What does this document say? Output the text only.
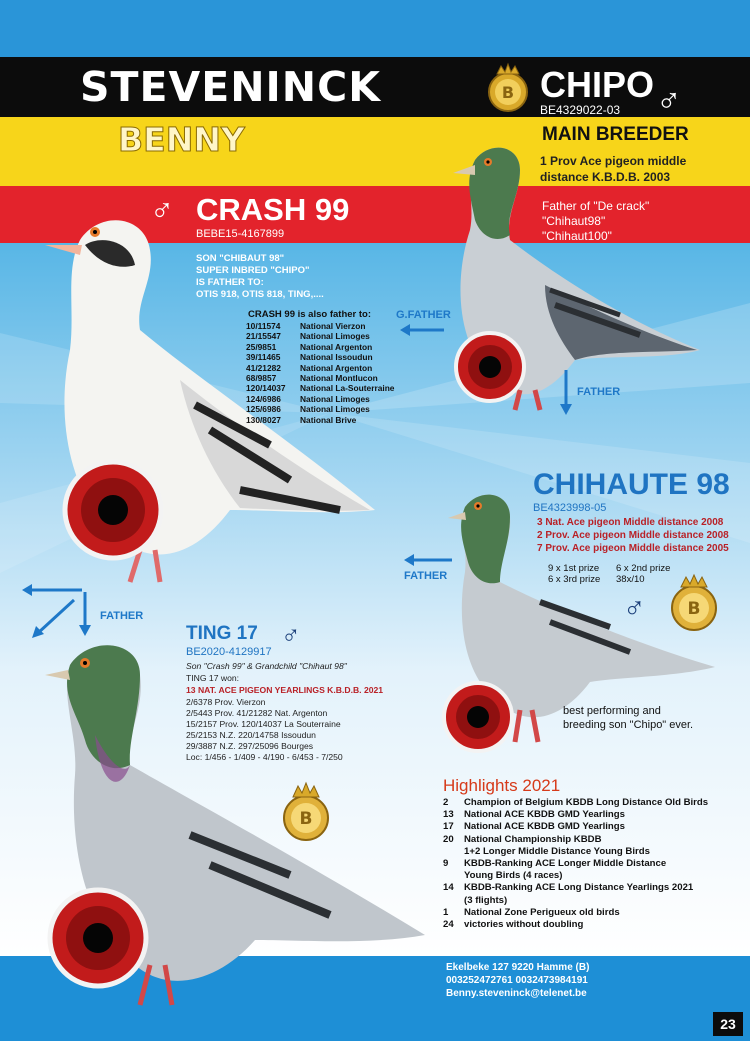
STEVENINCK
BENNY
B CHIPO
BE4329022-03 ♂
MAIN BREEDER
1 Prov Ace pigeon middle
distance K.B.D.B. 2003
Father of "De crack"
"Chihaut98"
"Chihaut100"
♂ CRASH 99
BEBE15-4167899
SON "CHIBAUT 98"
SUPER INBRED "CHIPO"
IS FATHER TO:
OTIS 918, OTIS 818, TING,....
CRASH 99 is also father to:
10/11574	National Vierzon
21/15547	National Limoges
25/9851	National Argenton
39/11465	National Issoudun
41/21282	National Argenton
68/9857	National Montlucon
120/14037	National La-Souterraine
124/6986	National Limoges
125/6986	National Limoges
130/8027	National Brive
G.FATHER
FATHER
CHIHAUTE 98
BE4323998-05
3 Nat. Ace pigeon Middle distance 2008
2 Prov. Ace pigeon Middle distance 2008
7 Prov. Ace pigeon Middle distance 2005
9 x 1st prize 6 x 2nd prize
6 x 3rd prize 38x/10
♂ B
FATHER
best performing and
breeding son "Chipo" ever.
FATHER
TING 17 ♂
BE2020-4129917
Son "Crash 99" & Grandchild "Chihaut 98"
TING 17 won:
13 NAT. ACE PIGEON YEARLINGS K.B.D.B. 2021
2/6378 Prov. Vierzon
2/5443 Prov. 41/21282 Nat. Argenton
15/2157 Prov. 120/14037 La Souterraine
25/2153 N.Z. 220/14758 Issoudun
29/3887 N.Z. 297/25096 Bourges
Loc: 1/456 - 1/409 - 4/190 - 6/453 - 7/250
B
Highlights 2021
2	Champion of Belgium KBDB Long Distance Old Birds
13	National ACE KBDB GMD Yearlings
17	National ACE KBDB GMD Yearlings
20	National Championship KBDB
	1+2 Longer Middle Distance Young Birds
9	KBDB-Ranking ACE Longer Middle Distance
	Young Birds (4 races)
14	KBDB-Ranking ACE Long Distance Yearlings 2021
	(3 flights)
1	National Zone Perigueux old birds
24	victories without doubling
Ekelbeke 127 9220 Hamme (B)
003252472761 0032473984191
Benny.steveninck@telenet.be
23
